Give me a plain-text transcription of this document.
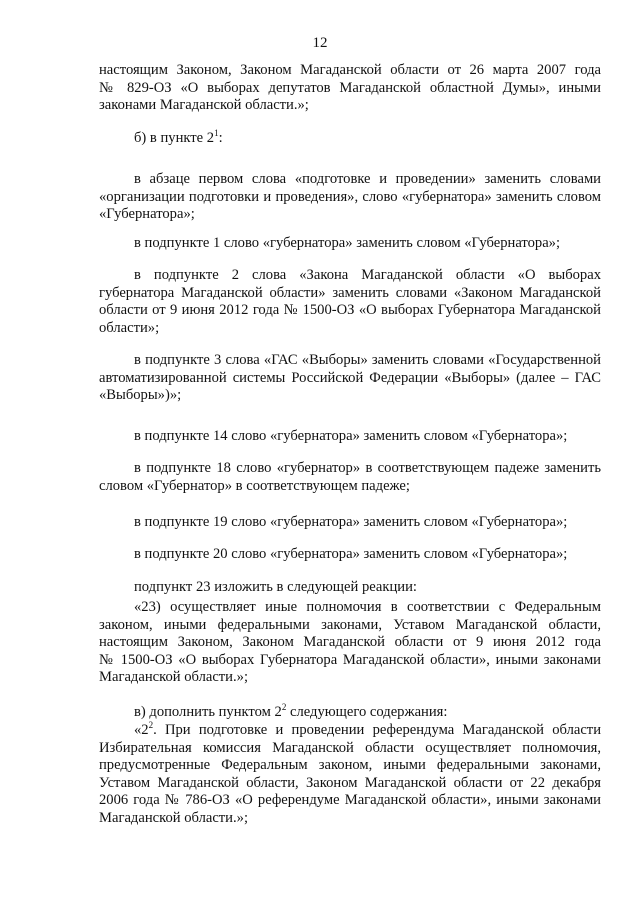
12
настоящим Законом, Законом Магаданской области от 26 марта 2007 года
№ 829-ОЗ «О выборах депутатов Магаданской областной Думы», иными
законами Магаданской области.»;
б) в пункте $2^1$:
в абзаце первом слова «подготовке и проведении» заменить словами
«организации подготовки и проведения», слово «губернатора» заменить словом
«Губернатора»;
в подпункте 1 слово «губернатора» заменить словом «Губернатора»;
в подпункте 2 слова «Закона Магаданской области «О выборах
губернатора Магаданской области» заменить словами «Законом Магаданской
области от 9 июня 2012 года № 1500-ОЗ «О выборах Губернатора Магаданской
области»;
в подпункте 3 слова «ГАС «Выборы» заменить словами «Государственной
автоматизированной системы Российской Федерации «Выборы» (далее – ГАС
«Выборы»)»;
в подпункте 14 слово «губернатора» заменить словом «Губернатора»;
в подпункте 18 слово «губернатор» в соответствующем падеже заменить
словом «Губернатор» в соответствующем падеже;
в подпункте 19 слово «губернатора» заменить словом «Губернатора»;
в подпункте 20 слово «губернатора» заменить словом «Губернатора»;
подпункт 23 изложить в следующей реакции:
«23) осуществляет иные полномочия в соответствии с Федеральным
законом, иными федеральными законами, Уставом Магаданской области,
настоящим Законом, Законом Магаданской области от 9 июня 2012 года
№ 1500-ОЗ «О выборах Губернатора Магаданской области», иными законами
Магаданской области.»;
в) дополнить пунктом $2^2$ следующего содержания:
«$2^2$. При подготовке и проведении референдума Магаданской области
Избирательная комиссия Магаданской области осуществляет полномочия,
предусмотренные Федеральным законом, иными федеральными законами,
Уставом Магаданской области, Законом Магаданской области от 22 декабря
2006 года № 786-ОЗ «О референдуме Магаданской области», иными законами
Магаданской области.»;
